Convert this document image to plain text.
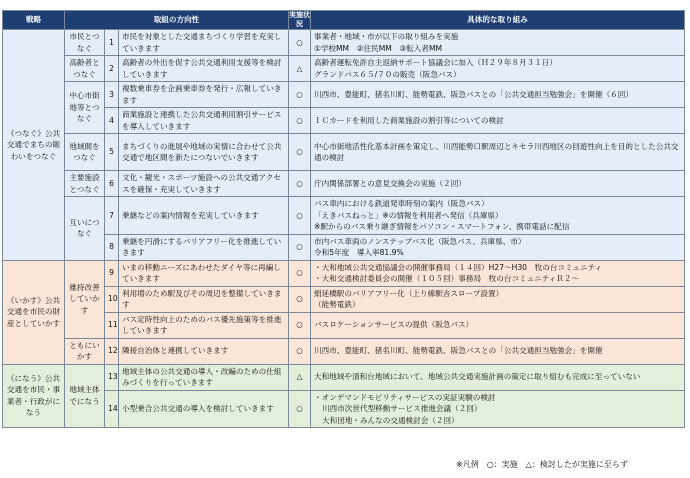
戦略	取組の方向性			実施状況	具体的な取り組み
《つなぐ》公共交通でまちの賑わいをつなぐ	市民とつなぐ	1	市民を対象とした交通まちづくり学習を充実していきます	○	事業者・地域・市が以下の取り組みを実施
①学校MM　②住民MM　③転入者MM

	高齢者とつなぐ	2	高齢者の外出を促す公共交通利用支援等を検討していきます	△	高齢者運転免許自主返納サポート協議会に加入（Ｈ２９年８月３１日）
グランドパス６５/７０の販売（阪急バス）

	中心市街地等とつなぐ	3	複数乗車券を企画乗車券を発行・広報していきます	○	川西市、豊能町、猪名川町、能勢電鉄、阪急バスとの「公共交通担当勉強会」を開催（６回）

		4	商業施設と連携した公共交通利用割引サービスを導入していきます	○	ＩＣカードを利用した商業施設の割引等についての検討

	地域間をつなぐ	5	まちづくりの進展や地域の実情に合わせて公共交通で地区間を新たにつないでいきます	○	中心市街地活性化基本計画を策定し、川西能勢口駅周辺とキセラ川西地区の回遊性向上を目的とした公共交通の検討

	主要施設とつなぐ	6	文化・観光・スポーツ施設への公共交通アクセスを確保・充実していきます	○	庁内関係部署との意見交換会の実施（２回）

	互いにつなぐ	7	乗継などの案内情報を充実していきます	○	バス車内における鉄道発車時刻の案内（阪急バス）
「えきバスねっと」※の情報を利用者へ発信（兵庫県）
※駅からのバス乗り継ぎ情報をパソコン・スマートフォン、携帯電話に配信

		8	乗継を円滑にするバリアフリー化を推進していきます	○	市内バス車両のノンステップバス化（阪急バス、兵庫県、市）
令和5年度　導入率81.9%

《いかす》公共交通を市民の財産としていかす	維持改善していかす	9	いまの移動ニーズにあわせたダイヤ等に再編していきます	○	・大和地域公共交通協議会の開催事務局（１４回）H27～H30　牧の台コミュニティ
・大和交通検討委員会の開催（１０５回）事務局　牧の台コミュニティＲ２～

		10	利用増のため駅及びその周辺を整備していきます	○	絹延橋駅のバリアフリー化（上り線駅舎スロープ設置）
（能勢電鉄）

		11	バス定時性向上のためのバス優先施策等を推進していきます	○	バスロケーションサービスの提供（阪急バス）

	ともにいかす	12	隣接自治体と連携していきます	○	川西市、豊能町、猪名川町、能勢電鉄、阪急バスとの「公共交通担当勉強会」を開催

《になう》公共交通を市民・事業者・行政がになう	地域主体でになう	13	地域主体の公共交通の導入・改編のための仕組みづくりを行っていきます	△	大和地域や清和台地域において、地域公共交通実施計画の策定に取り組むも完成に至っていない

		14	小型乗合公共交通の導入を検討していきます	○	・オンデマンドモビリティサービスの実証実験の検討
川西市次世代型移動サービス推進会議（２回）
大和団地・みんなの交通検討会（２回）
※凡例　○：実施　△：検討したが実施に至らず
